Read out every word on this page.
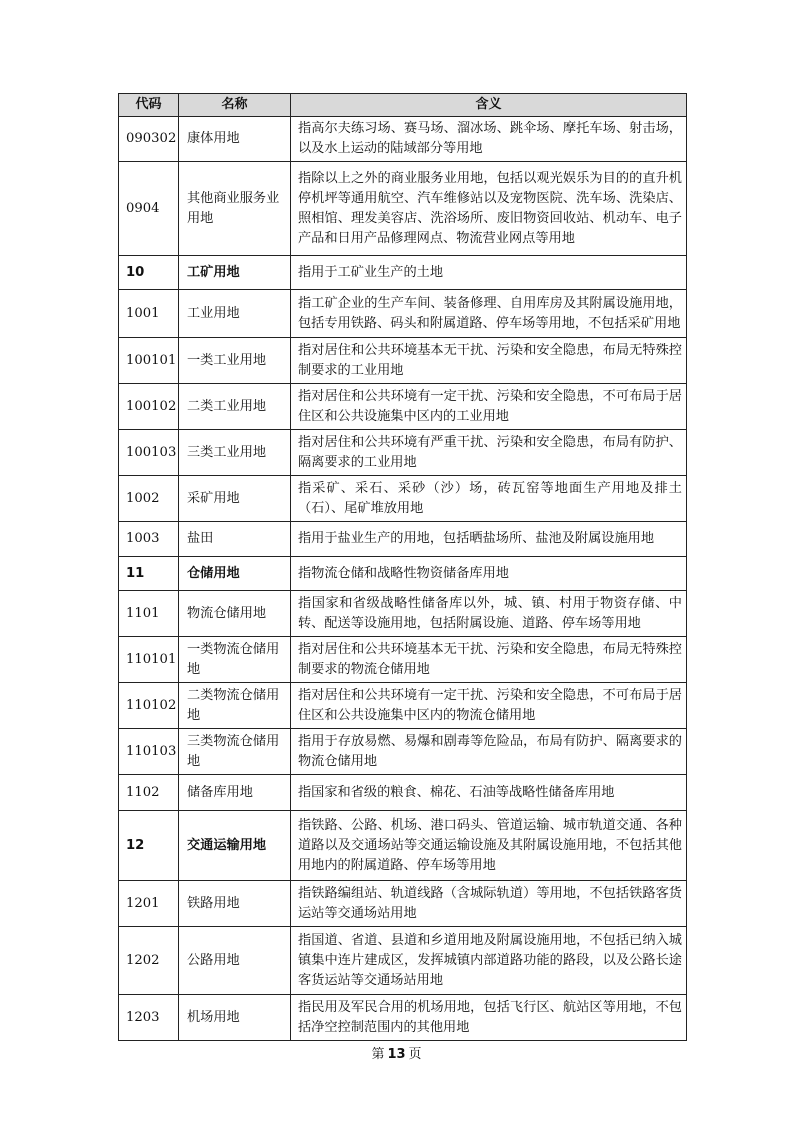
代码	名称	含义
090302	康体用地	指高尔夫练习场、赛马场、溜冰场、跳伞场、摩托车场、射击场，以及水上运动的陆域部分等用地
0904	其他商业服务业用地	指除以上之外的商业服务业用地，包括以观光娱乐为目的的直升机停机坪等通用航空、汽车维修站以及宠物医院、洗车场、洗染店、照相馆、理发美容店、洗浴场所、废旧物资回收站、机动车、电子产品和日用产品修理网点、物流营业网点等用地
10	工矿用地	指用于工矿业生产的土地
1001	工业用地	指工矿企业的生产车间、装备修理、自用库房及其附属设施用地，包括专用铁路、码头和附属道路、停车场等用地，不包括采矿用地
100101	一类工业用地	指对居住和公共环境基本无干扰、污染和安全隐患，布局无特殊控制要求的工业用地
100102	二类工业用地	指对居住和公共环境有一定干扰、污染和安全隐患，不可布局于居住区和公共设施集中区内的工业用地
100103	三类工业用地	指对居住和公共环境有严重干扰、污染和安全隐患，布局有防护、隔离要求的工业用地
1002	采矿用地	指采矿、采石、采砂（沙）场，砖瓦窑等地面生产用地及排土（石）、尾矿堆放用地
1003	盐田	指用于盐业生产的用地，包括晒盐场所、盐池及附属设施用地
11	仓储用地	指物流仓储和战略性物资储备库用地
1101	物流仓储用地	指国家和省级战略性储备库以外，城、镇、村用于物资存储、中转、配送等设施用地，包括附属设施、道路、停车场等用地
110101	一类物流仓储用地	指对居住和公共环境基本无干扰、污染和安全隐患，布局无特殊控制要求的物流仓储用地
110102	二类物流仓储用地	指对居住和公共环境有一定干扰、污染和安全隐患，不可布局于居住区和公共设施集中区内的物流仓储用地
110103	三类物流仓储用地	指用于存放易燃、易爆和剧毒等危险品，布局有防护、隔离要求的物流仓储用地
1102	储备库用地	指国家和省级的粮食、棉花、石油等战略性储备库用地
12	交通运输用地	指铁路、公路、机场、港口码头、管道运输、城市轨道交通、各种道路以及交通场站等交通运输设施及其附属设施用地，不包括其他用地内的附属道路、停车场等用地
1201	铁路用地	指铁路编组站、轨道线路（含城际轨道）等用地，不包括铁路客货运站等交通场站用地
1202	公路用地	指国道、省道、县道和乡道用地及附属设施用地，不包括已纳入城镇集中连片建成区，发挥城镇内部道路功能的路段，以及公路长途客货运站等交通场站用地
1203	机场用地	指民用及军民合用的机场用地，包括飞行区、航站区等用地，不包括净空控制范围内的其他用地
第 13 页
